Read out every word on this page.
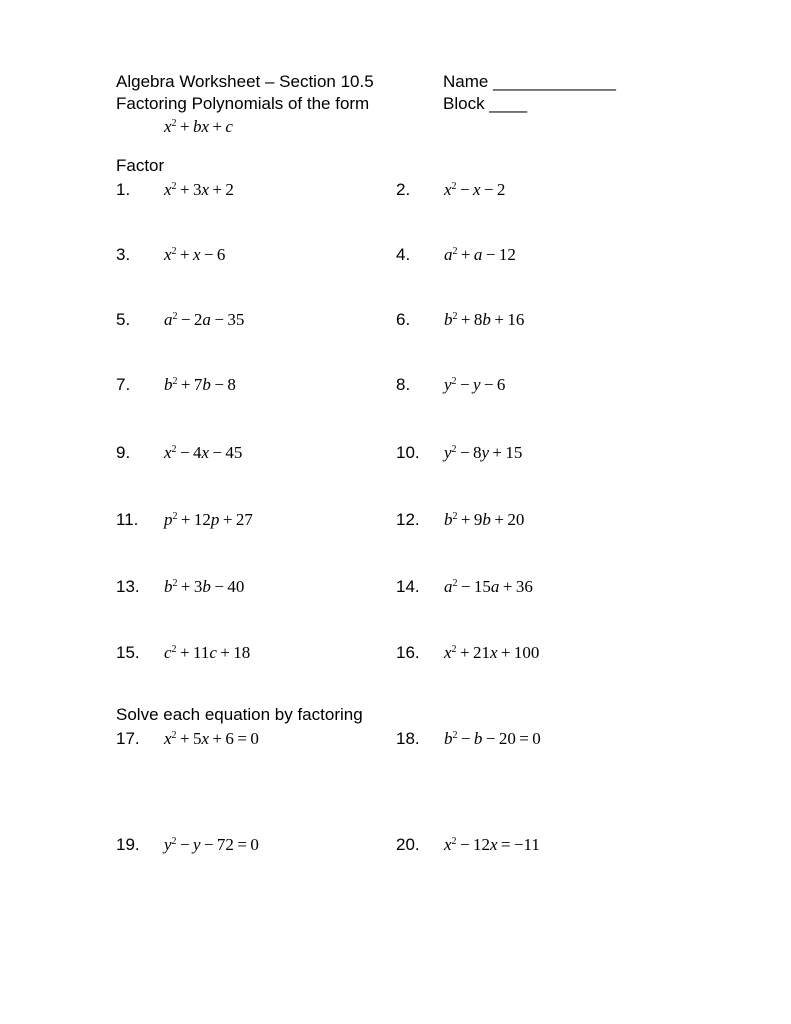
Algebra Worksheet – Section 10.5
Factoring Polynomials of the form
$x^2$  +  bx  +  c
Name _____________
Block ____
Factor
Solve each equation by factoring
1. $x^2 + 3x + 2$	2. $x^2 - x - 2$
3. $x^2 + x - 6$	4. $a^2 + a - 12$
5. $a^2 - 2a - 35$	6. $b^2 + 8b + 16$
7. $b^2 + 7b - 8$	8. $y^2 - y - 6$
9. $x^2 - 4x - 45$	10. $y^2 - 8y + 15$
11. $p^2 + 12p + 27$	12. $b^2 + 9b + 20$
13. $b^2 + 3b - 40$	14. $a^2 - 15a + 36$
15. $c^2 + 11c + 18$	16. $x^2 + 21x + 100$
17. $x^2 + 5x + 6 = 0$	18. $b^2 - b - 20 = 0$
19. $y^2 - y - 72 = 0$	20. $x^2 - 12x = -11$
